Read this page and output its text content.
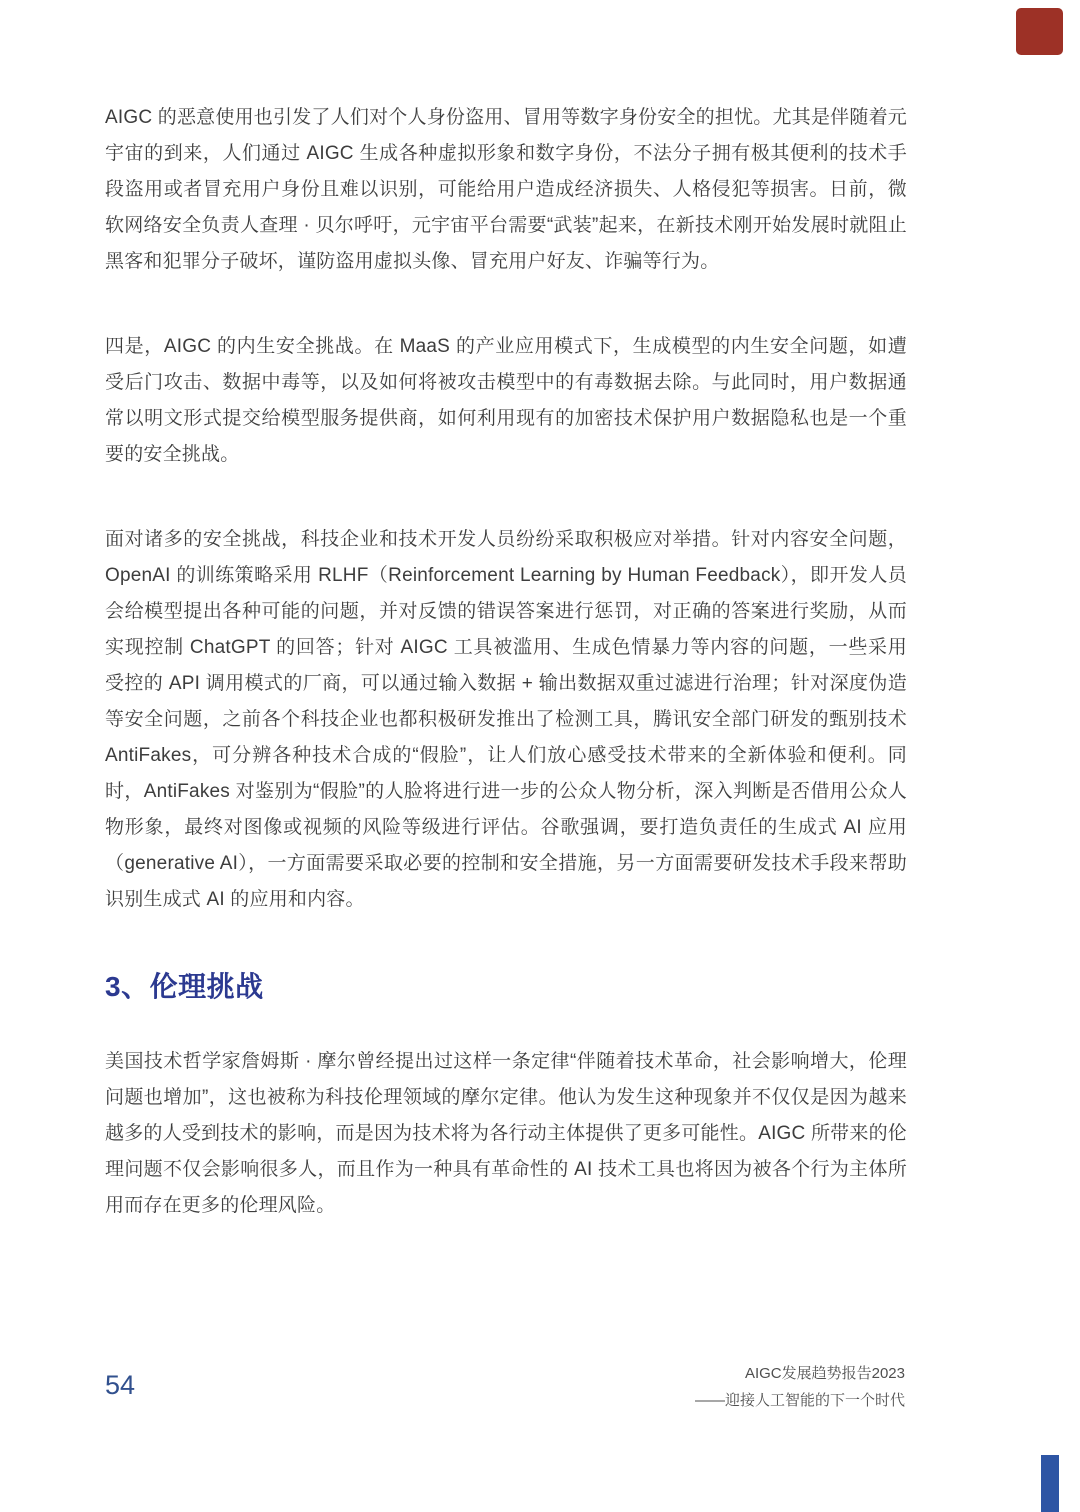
AIGC 的恶意使用也引发了人们对个人身份盗用、冒用等数字身份安全的担忧。尤其是伴随着元宇宙的到来，人们通过 AIGC 生成各种虚拟形象和数字身份，不法分子拥有极其便利的技术手段盗用或者冒充用户身份且难以识别，可能给用户造成经济损失、人格侵犯等损害。日前，微软网络安全负责人查理 · 贝尔呼吁，元宇宙平台需要“武装”起来，在新技术刚开始发展时就阻止黑客和犯罪分子破坏，谨防盗用虚拟头像、冒充用户好友、诈骗等行为。

四是，AIGC 的内生安全挑战。在 MaaS 的产业应用模式下，生成模型的内生安全问题，如遭受后门攻击、数据中毒等，以及如何将被攻击模型中的有毒数据去除。与此同时，用户数据通常以明文形式提交给模型服务提供商，如何利用现有的加密技术保护用户数据隐私也是一个重要的安全挑战。

面对诸多的安全挑战，科技企业和技术开发人员纷纷采取积极应对举措。针对内容安全问题，OpenAI 的训练策略采用 RLHF（Reinforcement Learning by Human Feedback），即开发人员会给模型提出各种可能的问题，并对反馈的错误答案进行惩罚，对正确的答案进行奖励，从而实现控制 ChatGPT 的回答；针对 AIGC 工具被滥用、生成色情暴力等内容的问题，一些采用受控的 API 调用模式的厂商，可以通过输入数据 + 输出数据双重过滤进行治理；针对深度伪造等安全问题，之前各个科技企业也都积极研发推出了检测工具，腾讯安全部门研发的甄别技术 AntiFakes，可分辨各种技术合成的“假脸”，让人们放心感受技术带来的全新体验和便利。同时，AntiFakes 对鉴别为“假脸”的人脸将进行进一步的公众人物分析，深入判断是否借用公众人物形象，最终对图像或视频的风险等级进行评估。谷歌强调，要打造负责任的生成式 AI 应用（generative AI），一方面需要采取必要的控制和安全措施，另一方面需要研发技术手段来帮助识别生成式 AI 的应用和内容。

3、伦理挑战

美国技术哲学家詹姆斯 · 摩尔曾经提出过这样一条定律“伴随着技术革命，社会影响增大，伦理问题也增加”，这也被称为科技伦理领域的摩尔定律。他认为发生这种现象并不仅仅是因为越来越多的人受到技术的影响，而是因为技术将为各行动主体提供了更多可能性。AIGC 所带来的伦理问题不仅会影响很多人，而且作为一种具有革命性的 AI 技术工具也将因为被各个行为主体所用而存在更多的伦理风险。

54	AIGC发展趋势报告2023
——迎接人工智能的下一个时代
